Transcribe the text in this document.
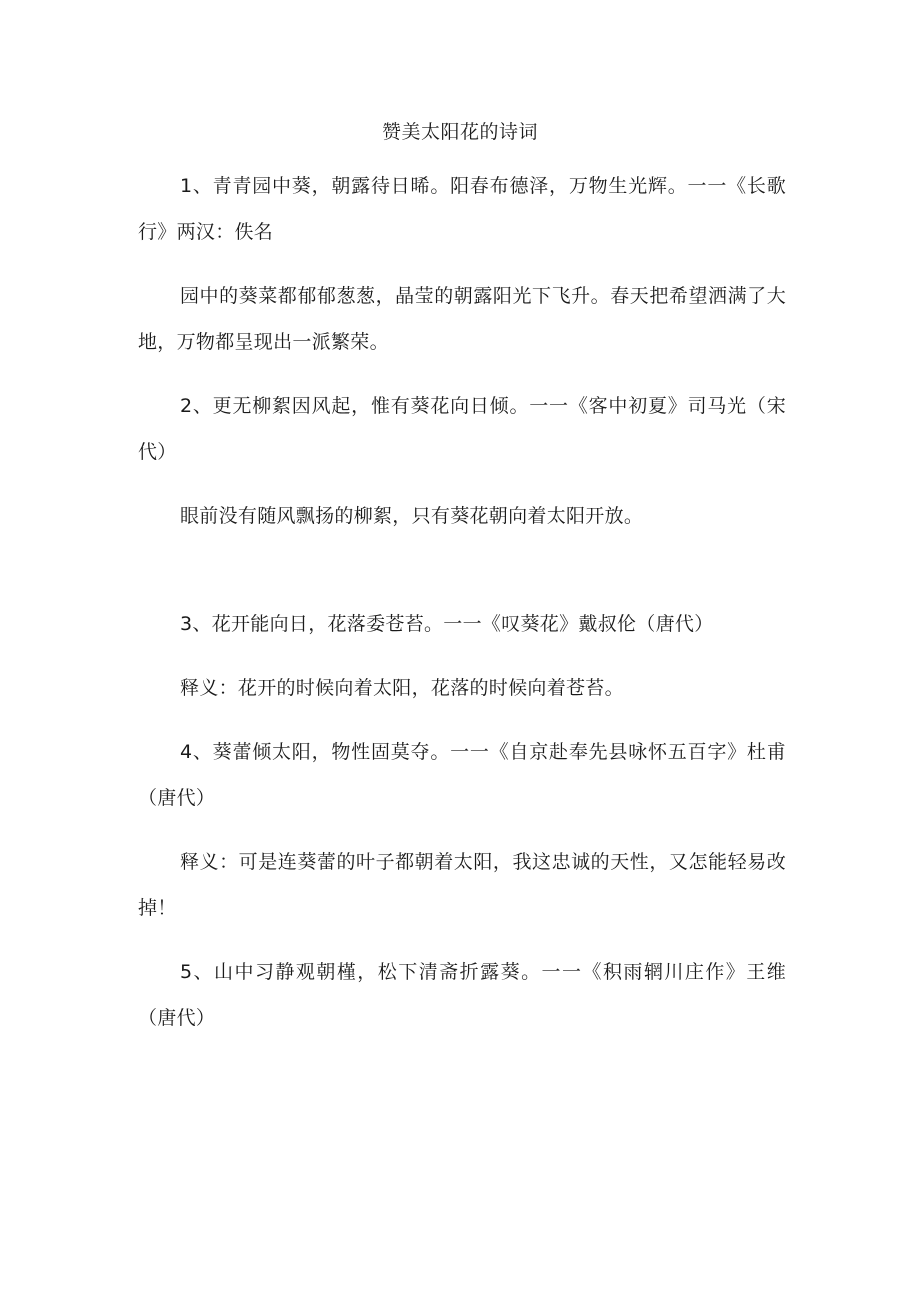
赞美太阳花的诗词

1、青青园中葵，朝露待日晞。阳春布德泽，万物生光辉。一一《长歌行》两汉：佚名

园中的葵菜都郁郁葱葱，晶莹的朝露阳光下飞升。春天把希望洒满了大地，万物都呈现出一派繁荣。

2、更无柳絮因风起，惟有葵花向日倾。一一《客中初夏》司马光（宋代）

眼前没有随风飘扬的柳絮，只有葵花朝向着太阳开放。

3、花开能向日，花落委苍苔。一一《叹葵花》戴叔伦（唐代）

释义：花开的时候向着太阳，花落的时候向着苍苔。

4、葵蕾倾太阳，物性固莫夺。一一《自京赴奉先县咏怀五百字》杜甫（唐代）

释义：可是连葵蕾的叶子都朝着太阳，我这忠诚的天性，又怎能轻易改掉！

5、山中习静观朝槿，松下清斋折露葵。一一《积雨辋川庄作》王维（唐代）
